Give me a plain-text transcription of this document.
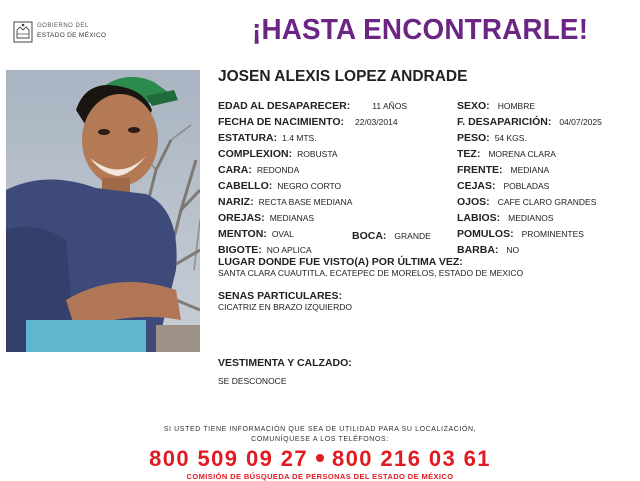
GOBIERNO DEL
ESTADO DE MÉXICO	¡HASTA ENCONTRARLE!
JOSEN ALEXIS LOPEZ ANDRADE
EDAD AL DESAPARECER:	11 AÑOS
FECHA DE NACIMIENTO: 22/03/2014
ESTATURA: 1.4 MTS.
COMPLEXION: ROBUSTA
CARA: REDONDA
CABELLO: NEGRO CORTO
NARIZ: RECTA BASE MEDIANA
OREJAS: MEDIANAS
MENTON: OVAL
BIGOTE: NO APLICA
BOCA: GRANDE
SEXO: HOMBRE
F. DESAPARICIÓN: 04/07/2025
PESO: 54 KGS.
TEZ: MORENA CLARA
FRENTE: MEDIANA
CEJAS: POBLADAS
OJOS: CAFE CLARO GRANDES
LABIOS: MEDIANOS
POMULOS: PROMINENTES
BARBA: NO
LUGAR DONDE FUE VISTO(A) POR ÚLTIMA VEZ:
SANTA CLARA CUAUTITLA, ECATEPEC DE MORELOS, ESTADO DE MEXICO
SENAS PARTICULARES:
CICATRIZ EN BRAZO IZQUIERDO
VESTIMENTA Y CALZADO:
SE DESCONOCE
SI USTED TIENE INFORMACIÓN QUE SEA DE UTILIDAD PARA SU LOCALIZACIÓN,
COMUNÍQUESE A LOS TELÉFONOS:
800 509 09 27 800 216 03 61
COMISIÓN DE BÚSQUEDA DE PERSONAS DEL ESTADO DE MÉXICO
